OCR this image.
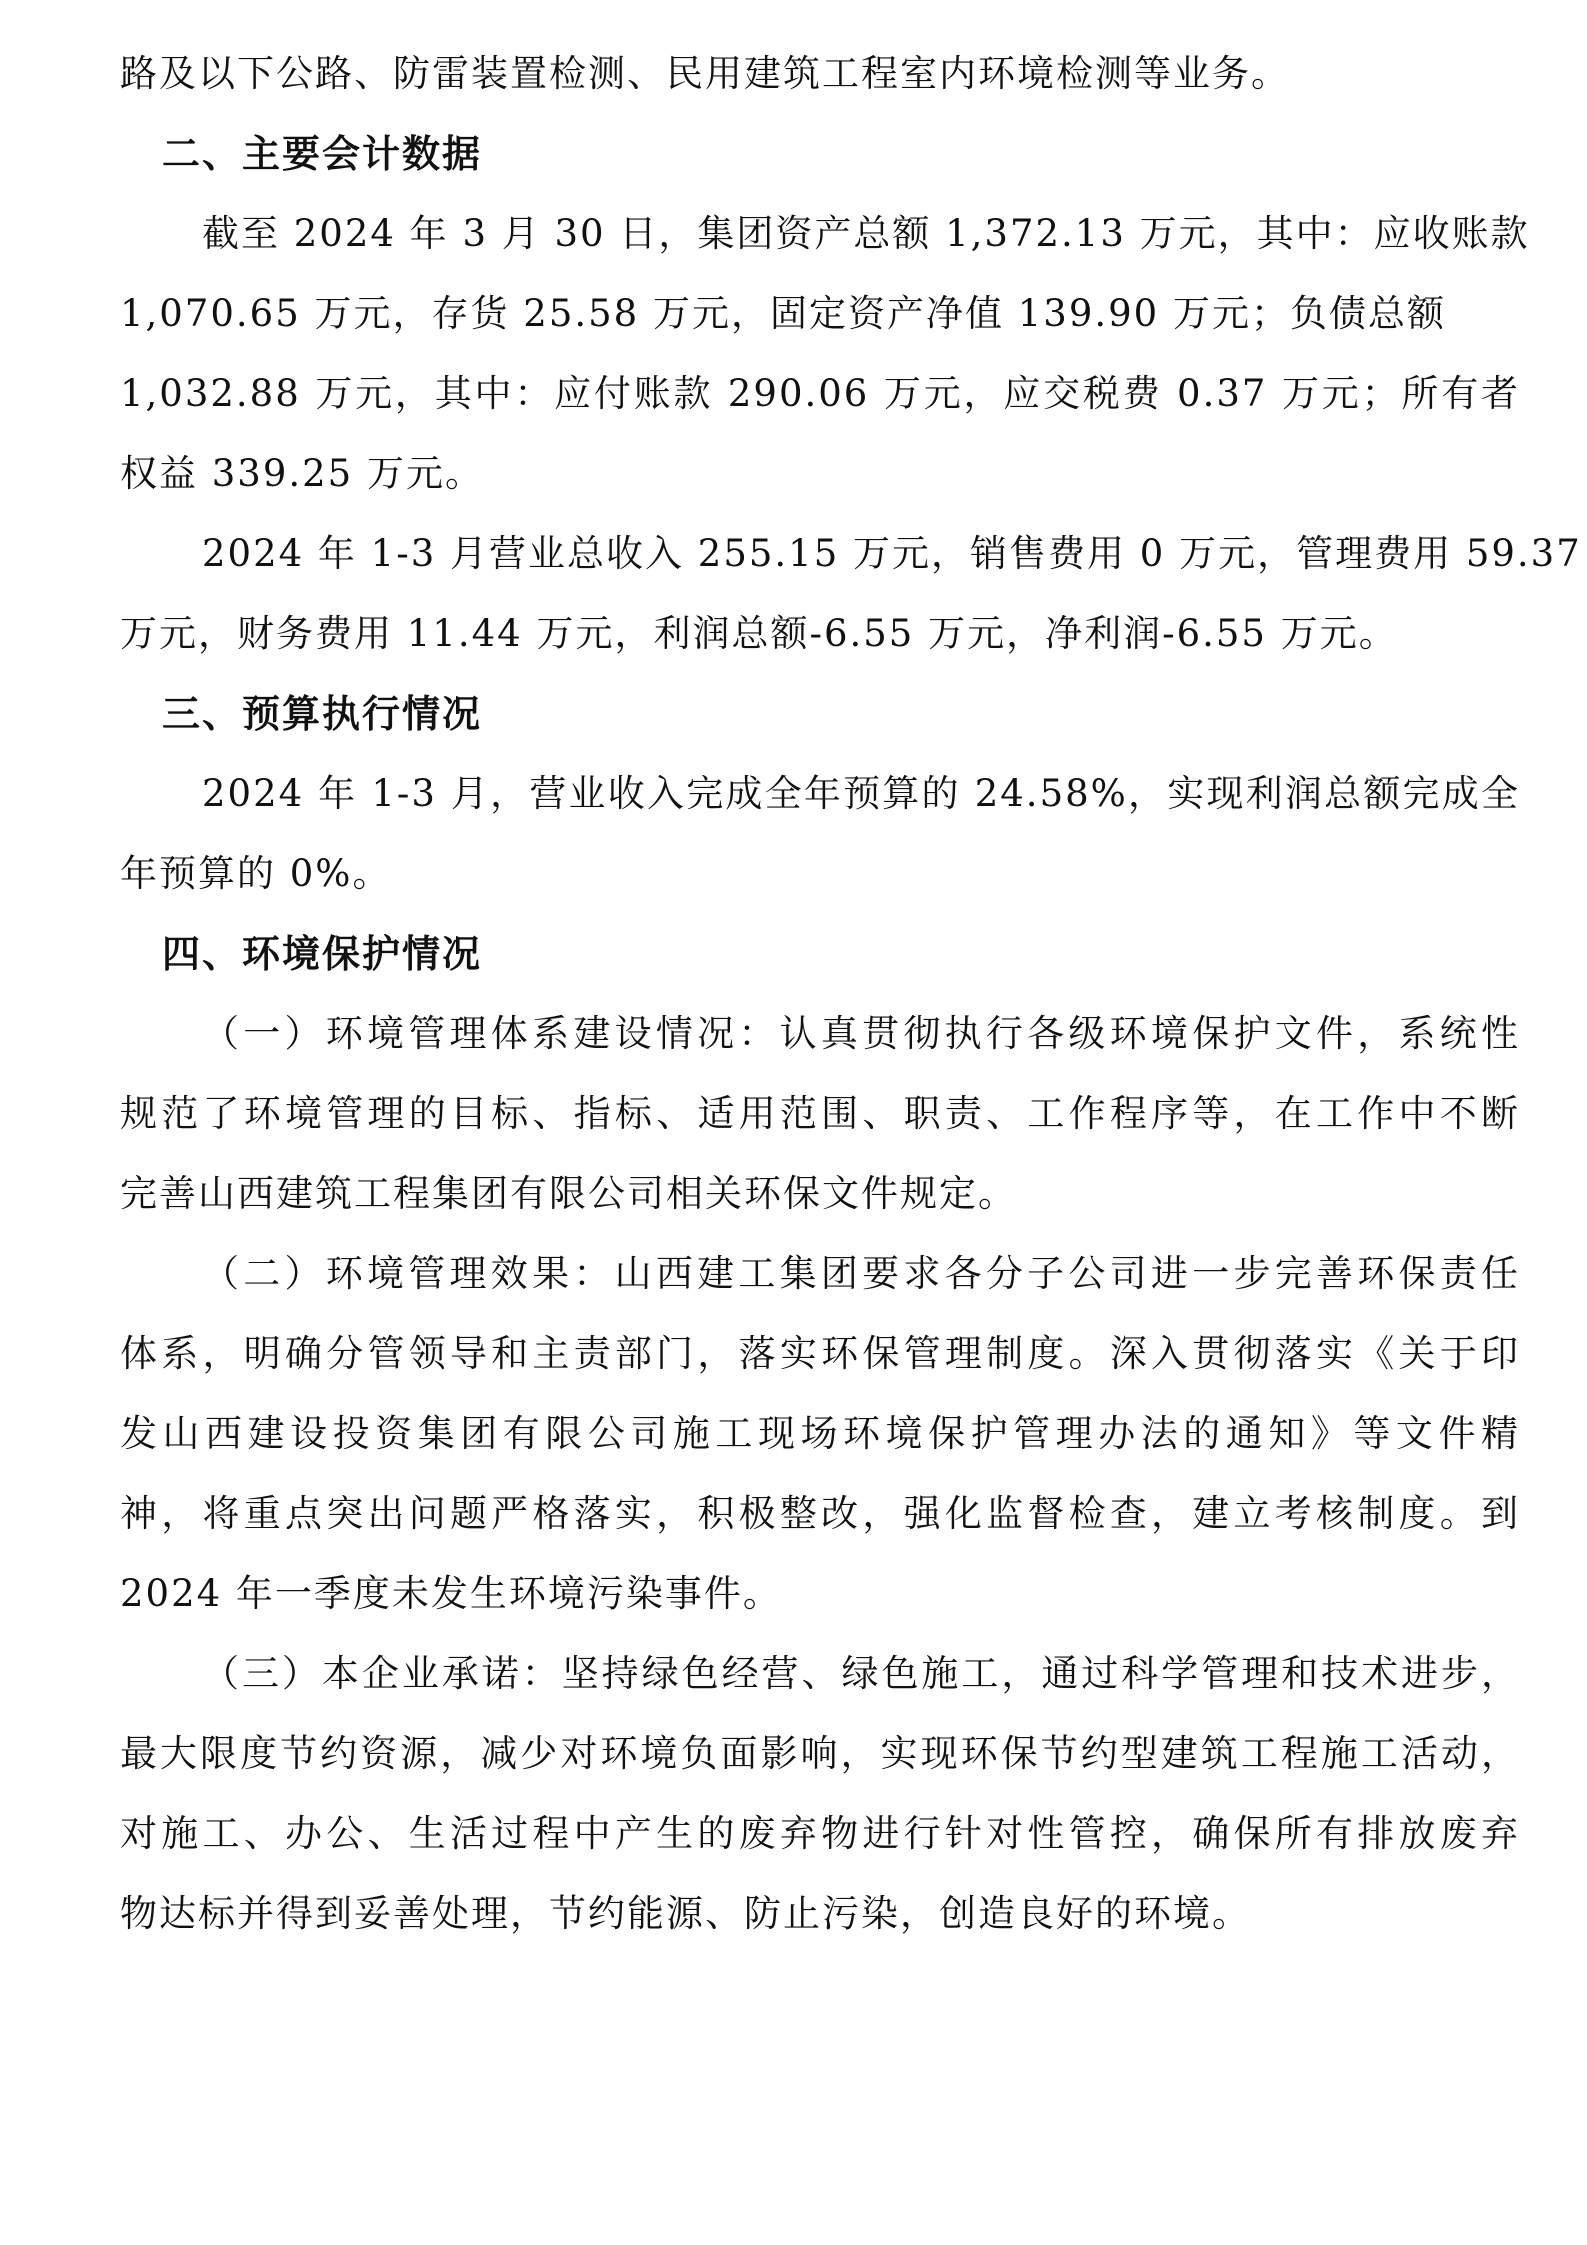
路及以下公路、防雷装置检测、民用建筑工程室内环境检测等业务。
二、主要会计数据
截至 2024 年 3 月 30 日，集团资产总额 1,372.13 万元，其中：应收账款
1,070.65 万元，存货 25.58 万元，固定资产净值 139.90 万元；负债总额
1,032.88 万元，其中：应付账款 290.06 万元，应交税费 0.37 万元；所有者
权益 339.25 万元。
2024 年 1-3 月营业总收入 255.15 万元，销售费用 0 万元，管理费用 59.37
万元，财务费用 11.44 万元，利润总额-6.55 万元，净利润-6.55 万元。
三、预算执行情况
2024 年 1-3 月，营业收入完成全年预算的 24.58%，实现利润总额完成全
年预算的 0%。
四、环境保护情况
（一）环境管理体系建设情况：认真贯彻执行各级环境保护文件，系统性
规范了环境管理的目标、指标、适用范围、职责、工作程序等，在工作中不断
完善山西建筑工程集团有限公司相关环保文件规定。
（二）环境管理效果：山西建工集团要求各分子公司进一步完善环保责任
体系，明确分管领导和主责部门，落实环保管理制度。深入贯彻落实《关于印
发山西建设投资集团有限公司施工现场环境保护管理办法的通知》等文件精
神，将重点突出问题严格落实，积极整改，强化监督检查，建立考核制度。到
2024 年一季度未发生环境污染事件。
（三）本企业承诺：坚持绿色经营、绿色施工，通过科学管理和技术进步，
最大限度节约资源，减少对环境负面影响，实现环保节约型建筑工程施工活动，
对施工、办公、生活过程中产生的废弃物进行针对性管控，确保所有排放废弃
物达标并得到妥善处理，节约能源、防止污染，创造良好的环境。
